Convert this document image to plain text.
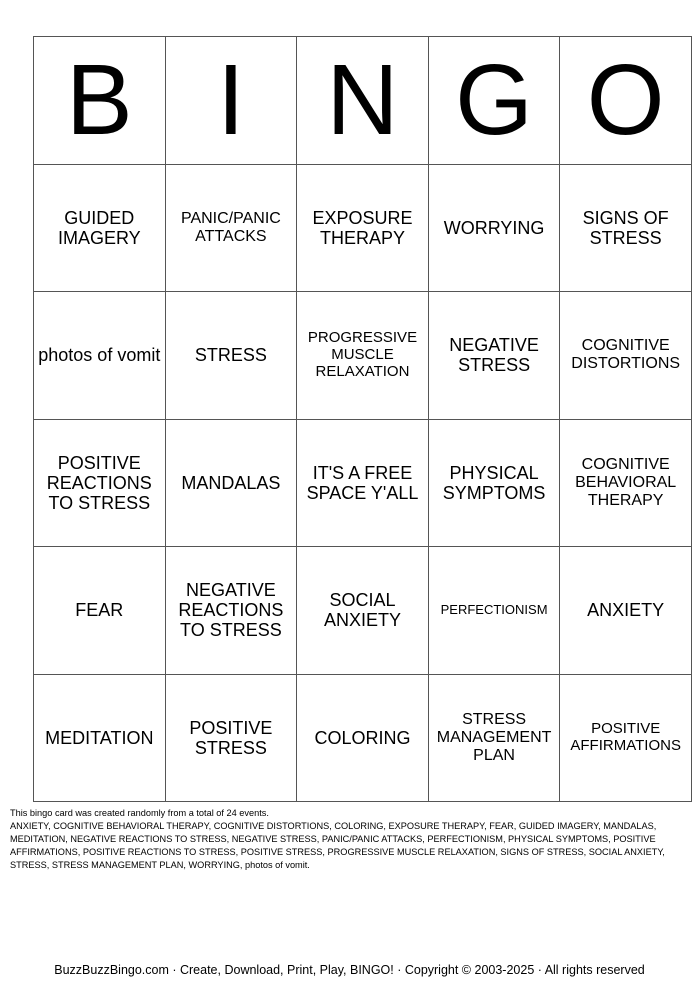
B	I	N	G	O
GUIDED IMAGERY	PANIC/PANIC ATTACKS	EXPOSURE THERAPY	WORRYING	SIGNS OF STRESS
photos of vomit	STRESS	PROGRESSIVE MUSCLE RELAXATION	NEGATIVE STRESS	COGNITIVE DISTORTIONS
POSITIVE REACTIONS TO STRESS	MANDALAS	IT'S A FREE SPACE Y'ALL	PHYSICAL SYMPTOMS	COGNITIVE BEHAVIORAL THERAPY
FEAR	NEGATIVE REACTIONS TO STRESS	SOCIAL ANXIETY	PERFECTIONISM	ANXIETY
MEDITATION	POSITIVE STRESS	COLORING	STRESS MANAGEMENT PLAN	POSITIVE AFFIRMATIONS
This bingo card was created randomly from a total of 24 events.
ANXIETY, COGNITIVE BEHAVIORAL THERAPY, COGNITIVE DISTORTIONS, COLORING, EXPOSURE THERAPY, FEAR, GUIDED IMAGERY, MANDALAS, MEDITATION, NEGATIVE REACTIONS TO STRESS, NEGATIVE STRESS, PANIC/PANIC ATTACKS, PERFECTIONISM, PHYSICAL SYMPTOMS, POSITIVE AFFIRMATIONS, POSITIVE REACTIONS TO STRESS, POSITIVE STRESS, PROGRESSIVE MUSCLE RELAXATION, SIGNS OF STRESS, SOCIAL ANXIETY, STRESS, STRESS MANAGEMENT PLAN, WORRYING, photos of vomit.
BuzzBuzzBingo.com · Create, Download, Print, Play, BINGO! · Copyright © 2003-2025 · All rights reserved
